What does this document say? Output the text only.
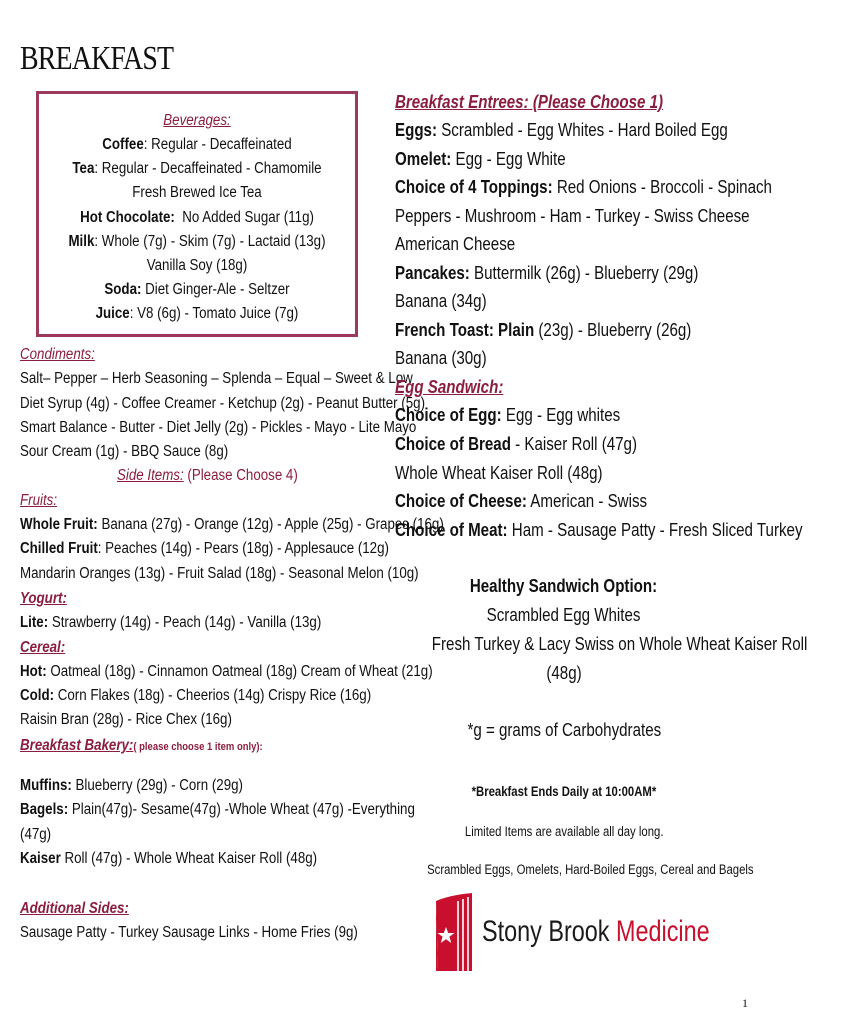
BREAKFAST
Beverages:
Coffee: Regular - Decaffeinated
Tea: Regular - Decaffeinated - Chamomile
Fresh Brewed Ice Tea
Hot Chocolate:  No Added Sugar (11g)
Milk: Whole (7g) - Skim (7g) - Lactaid (13g)
Vanilla Soy (18g)
Soda: Diet Ginger-Ale - Seltzer
Juice: V8 (6g) - Tomato Juice (7g)
Condiments:
Salt– Pepper – Herb Seasoning – Splenda – Equal – Sweet & Low
Diet Syrup (4g) - Coffee Creamer - Ketchup (2g) - Peanut Butter (5g)
Smart Balance - Butter - Diet Jelly (2g) - Pickles - Mayo - Lite Mayo
Sour Cream (1g) - BBQ Sauce (8g)
Side Items: (Please Choose 4)
Fruits:
Whole Fruit: Banana (27g) - Orange (12g) - Apple (25g) - Grapes (16g)
Chilled Fruit: Peaches (14g) - Pears (18g) - Applesauce (12g)
Mandarin Oranges (13g) - Fruit Salad (18g) - Seasonal Melon (10g)
Yogurt:
Lite: Strawberry (14g) - Peach (14g) - Vanilla (13g)
Cereal:
Hot: Oatmeal (18g) - Cinnamon Oatmeal (18g) Cream of Wheat (21g)
Cold: Corn Flakes (18g) - Cheerios (14g) Crispy Rice (16g)
Raisin Bran (28g) - Rice Chex (16g)
Breakfast Bakery:( please choose 1 item only):
Muffins: Blueberry (29g) - Corn (29g)
Bagels: Plain(47g)- Sesame(47g) -Whole Wheat (47g) -Everything
(47g)
Kaiser Roll (47g) - Whole Wheat Kaiser Roll (48g)
Additional Sides:
Sausage Patty - Turkey Sausage Links - Home Fries (9g)
Breakfast Entrees: (Please Choose 1)
Eggs: Scrambled - Egg Whites - Hard Boiled Egg
Omelet: Egg - Egg White
Choice of 4 Toppings: Red Onions - Broccoli - Spinach
Peppers - Mushroom - Ham - Turkey - Swiss Cheese
American Cheese
Pancakes: Buttermilk (26g) - Blueberry (29g)
Banana (34g)
French Toast: Plain (23g) - Blueberry (26g)
Banana (30g)
Egg Sandwich:
Choice of Egg: Egg - Egg whites
Choice of Bread - Kaiser Roll (47g)
Whole Wheat Kaiser Roll (48g)
Choice of Cheese: American - Swiss
Choice of Meat: Ham - Sausage Patty - Fresh Sliced Turkey
Healthy Sandwich Option:
Scrambled Egg Whites
Fresh Turkey & Lacy Swiss on Whole Wheat Kaiser Roll
(48g)
*g = grams of Carbohydrates
*Breakfast Ends Daily at 10:00AM*
Limited Items are available all day long.
Scrambled Eggs, Omelets, Hard-Boiled Eggs, Cereal and Bagels
Stony Brook Medicine
1
